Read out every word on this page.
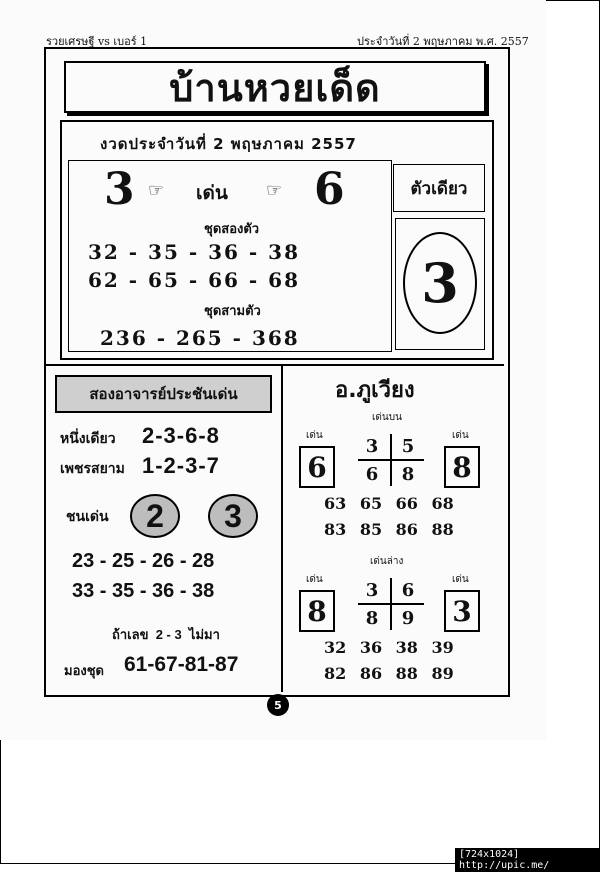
รวยเศรษฐี vs เบอร์ 1	ประจำวันที่ 2 พฤษภาคม พ.ศ. 2557
บ้านหวยเด็ด
งวดประจำวันที่ 2 พฤษภาคม 2557
3 ☞ เด่น ☞ 6
ชุดสองตัว
32 - 35 - 36 - 38
62 - 65 - 66 - 68
ชุดสามตัว
236 - 265 - 368
ตัวเดียว
3
สองอาจารย์ประชันเด่น
หนึ่งเดียว 2-3-6-8
เพชรสยาม 1-2-3-7
ชนเด่น	2	3
23 - 25 - 26 - 28
33 - 35 - 36 - 38
ถ้าเลข  2 - 3  ไม่มา
มองชุด 61-67-81-87
อ.ภูเวียง
เด่นบน
เด่น
6
เด่น
8
3	5
6	8
63 65 66 68
83 85 86 88
เด่นล่าง
เด่น
8
เด่น
3
3	6
8	9
32 36 38 39
82 86 88 89
5
[724x1024] http://upic.me/
